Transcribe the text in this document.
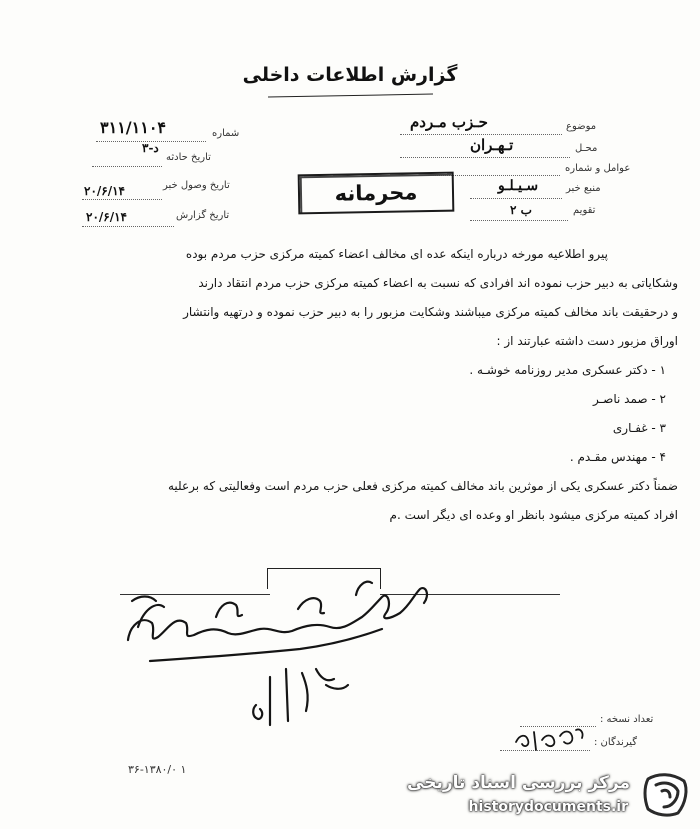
گزارش اطلاعات داخلی
شماره
۳۱۱/۱۱۰۴
د-۳
تاریخ حادثه
تاریخ وصول خبر
۲۰/۶/۱۴
تاریخ گزارش
۲۰/۶/۱۴
موضوع
حـزب مـردم
محـل
تـهـران
عوامل و شماره
منبع خبر
سـیـلـو
تقویم
ب ۲
محرمانه

پیرو اطلاعیه مورخه درباره اینکه عده ای مخالف اعضاء کمیته مرکزی حزب مردم بوده

وشکایاتی به دبیر حزب نموده اند افرادی که نسبت به اعضاء کمیته مرکزی حزب مردم انتقاد دارند

و درحقیقت باند مخالف کمیته مرکزی میباشند وشکایت مزبور را به دبیر حزب نموده و درتهیه وانتشار

اوراق مزبور دست داشته عبارتند از :

۱ - دکتر عسکری مدیر روزنامه خوشـه .

۲ - صمد ناصـر

۳ - غفـاری

۴ - مهندس مقـدم .

ضمناً دکتر عسکری یکی از موثرین باند مخالف کمیته مرکزی فعلی حزب مردم است وفعالیتی که برعلیه

افراد کمیته مرکزی میشود بانظر او وعده ای دیگر است .م

تعداد نسخه :
گیرندگان :
۳۶-۱۳۸۰/۰ ۱
مرکز بررسی اسناد تاریخی
historydocuments.ir
